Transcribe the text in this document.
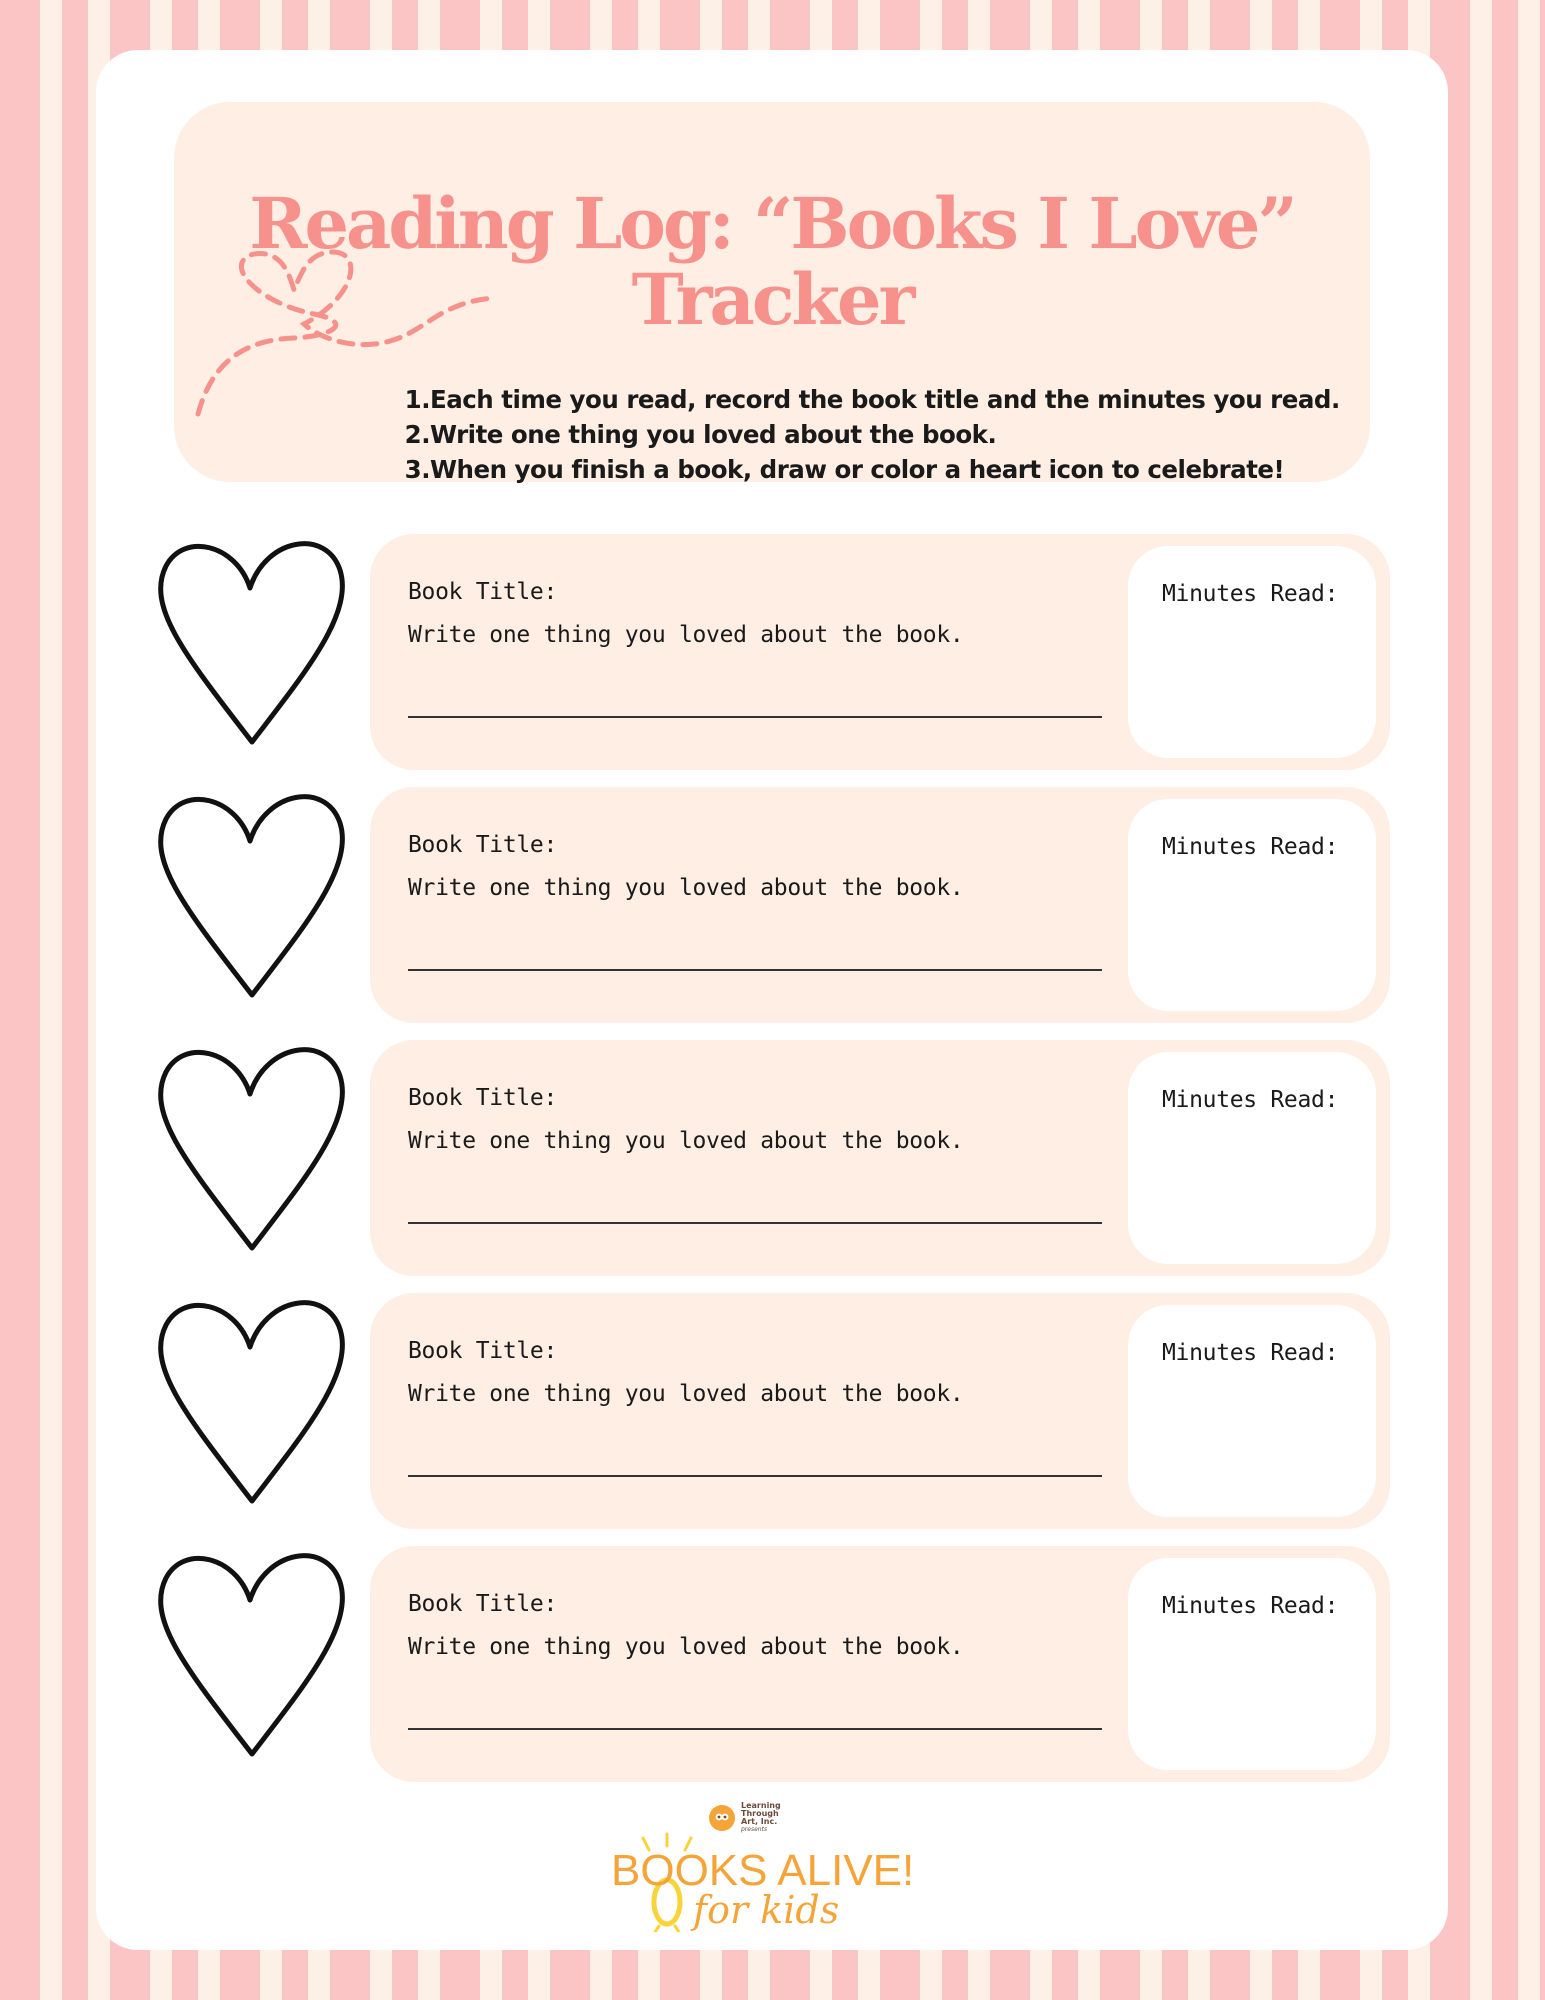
Reading Log: “Books I Love”
Tracker
1.Each time you read, record the book title and the minutes you read.
2.Write one thing you loved about the book.
3.When you finish a book, draw or color a heart icon to celebrate!
Book Title:
Write one thing you loved about the book.
Minutes Read:
Book Title:
Write one thing you loved about the book.
Minutes Read:
Book Title:
Write one thing you loved about the book.
Minutes Read:
Book Title:
Write one thing you loved about the book.
Minutes Read:
Book Title:
Write one thing you loved about the book.
Minutes Read:
Learning
Through
Art, Inc.
presents
BOOKS ALIVE!
for kids
